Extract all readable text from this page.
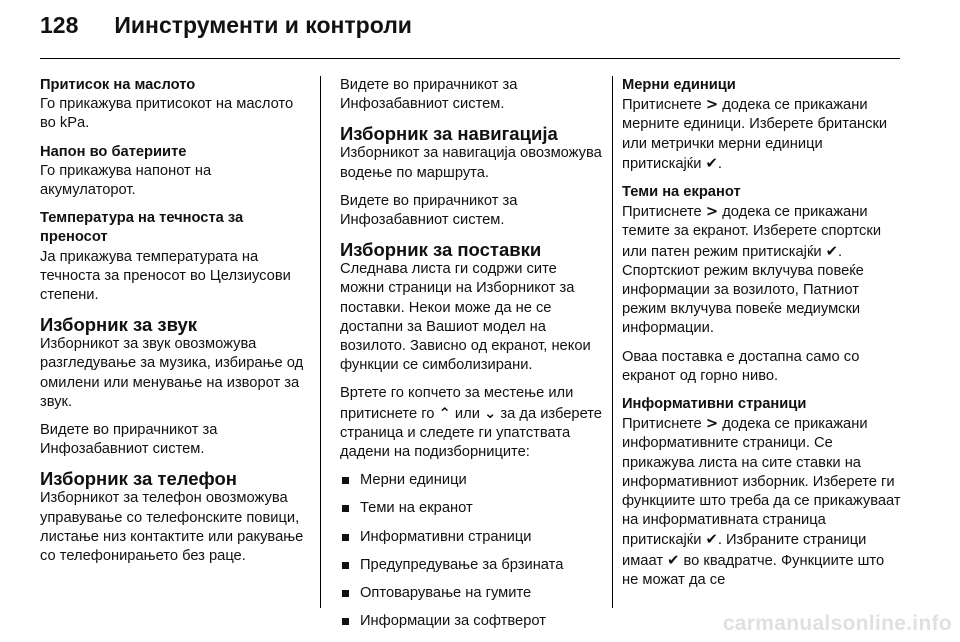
128 Иинструменти и контроли

Притисок на маслото

Го прикажува притисокот на маслото во kPa.

Напон во батериите

Го прикажува напонот на акумулаторот.

Температура на течноста за преносот

Ја прикажува температурата на течноста за преносот во Целзиусови степени.

Изборник за звук

Изборникот за звук овозможува разгледување за музика, избирање од омилени или менување на изворот за звук.

Видете во прирачникот за Инфозабавниот систем.

Изборник за телефон

Изборникот за телефон овозможува управување со телефонските повици, листање низ контактите или ракување со телефонирањето без раце.

Видете во прирачникот за Инфозабавниот систем.

Изборник за навигација

Изборникот за навигација овозможува водење по маршрута.

Видете во прирачникот за Инфозабавниот систем.

Изборник за поставки

Следнава листа ги содржи сите можни страници на Изборникот за поставки. Некои може да не се достапни за Вашиот модел на возилото. Зависно од екранот, некои функции се симболизирани.

Вртете го копчето за местење или притиснете го ⌃ или ⌄ за да изберете страница и следете ги упатствата дадени на подизборниците:

Мерни единици
Теми на екранот
Информативни страници
Предупредување за брзината
Оптоварување на гумите
Информации за софтверот

Мерни единици

Притиснете > додека се прикажани мерните единици. Изберете британски или метрички мерни единици притискајќи ✔.

Теми на екранот

Притиснете > додека се прикажани темите за екранот. Изберете спортски или патен режим притискајќи ✔. Спортскиот режим вклучува повеќе информации за возилото, Патниот режим вклучува повеќе медиумски информации.

Оваа поставка е достапна само со екранот од горно ниво.

Информативни страници

Притиснете > додека се прикажани информативните страници. Се прикажува листа на сите ставки на информативниот изборник. Изберете ги функциите што треба да се прикажуваат на информативната страница притискајќи ✔. Избраните страници имаат ✔ во квадратче. Функциите што не можат да се

carmanualsonline.info
